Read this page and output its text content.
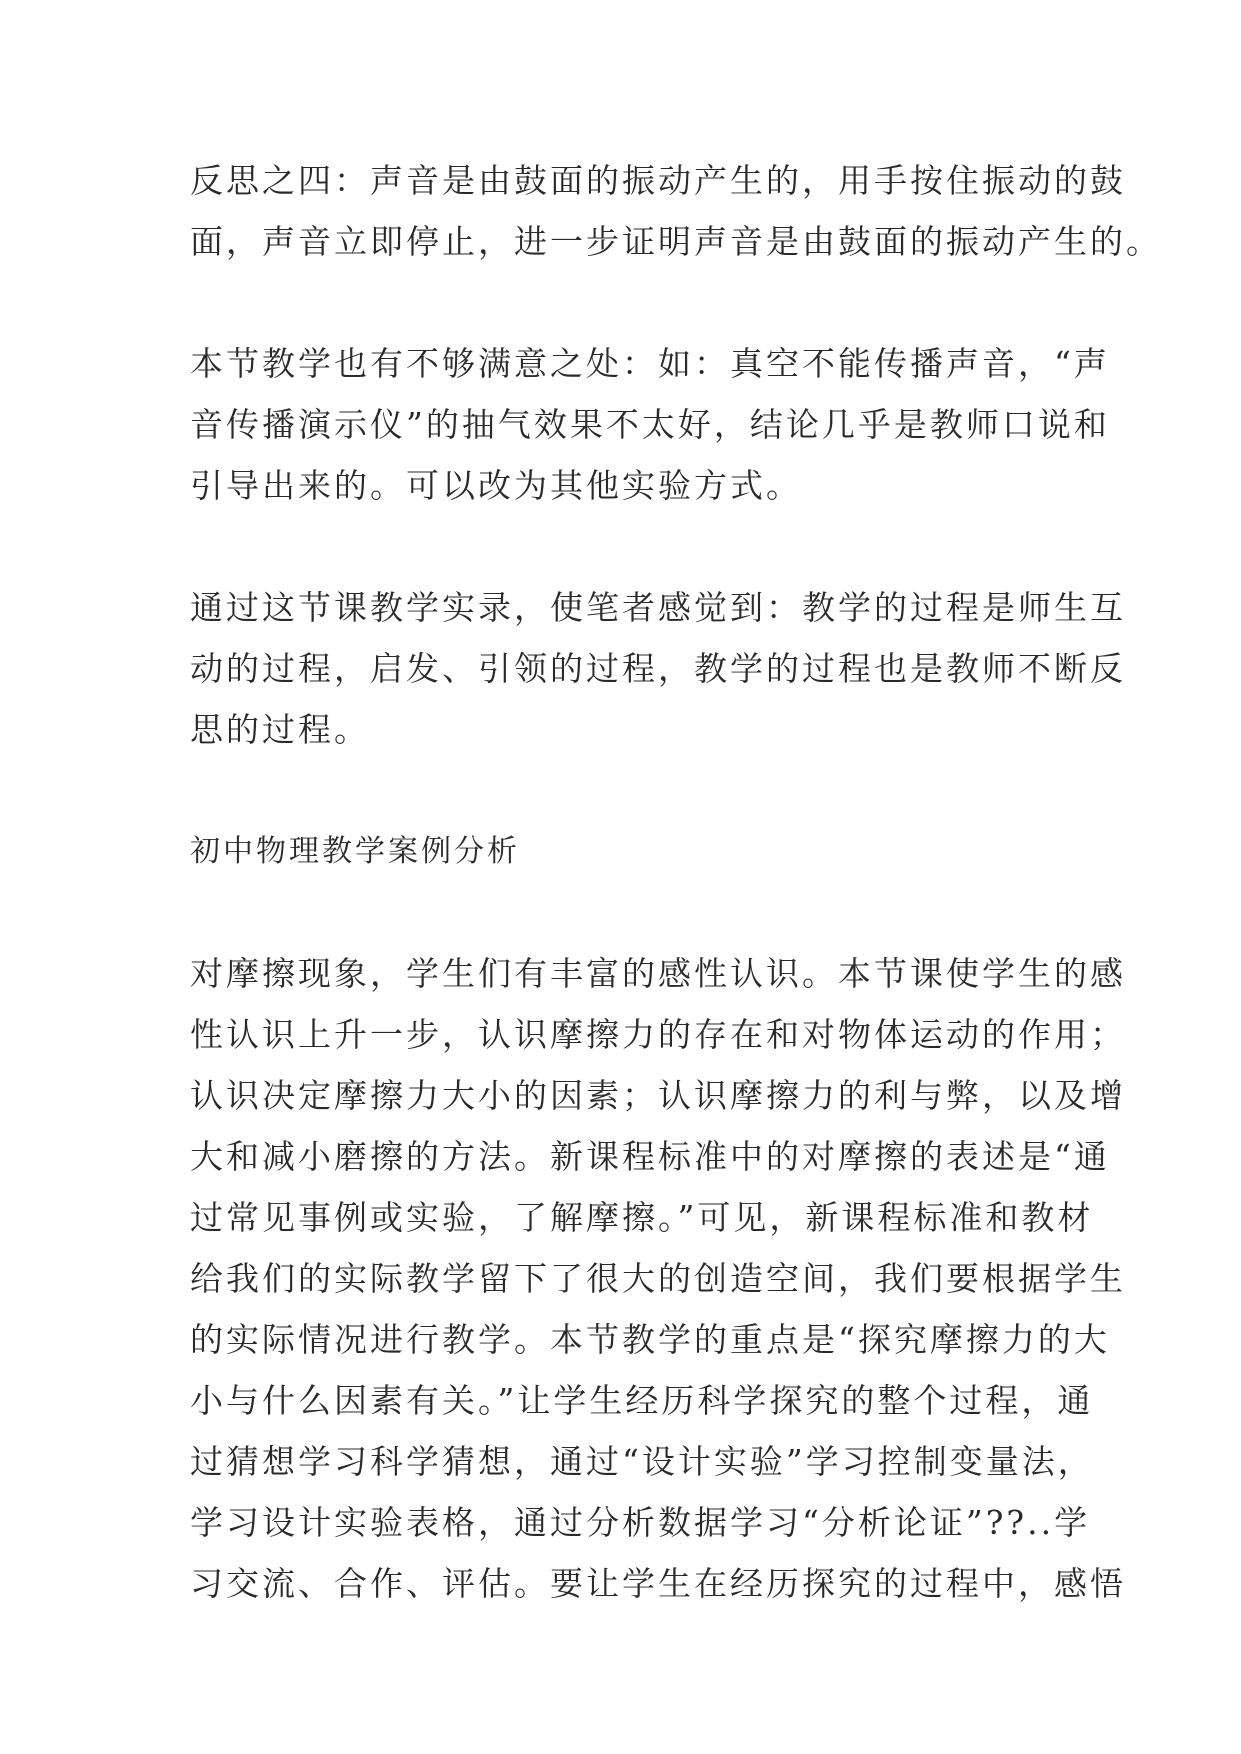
反思之四：声音是由鼓面的振动产生的，用手按住振动的鼓
面，声音立即停止，进一步证明声音是由鼓面的振动产生的。
本节教学也有不够满意之处：如：真空不能传播声音，“声
音传播演示仪”的抽气效果不太好，结论几乎是教师口说和
引导出来的。可以改为其他实验方式。
通过这节课教学实录，使笔者感觉到：教学的过程是师生互
动的过程，启发、引领的过程，教学的过程也是教师不断反
思的过程。
初中物理教学案例分析
对摩擦现象，学生们有丰富的感性认识。本节课使学生的感
性认识上升一步，认识摩擦力的存在和对物体运动的作用；
认识决定摩擦力大小的因素；认识摩擦力的利与弊，以及增
大和减小磨擦的方法。新课程标准中的对摩擦的表述是“通
过常见事例或实验，了解摩擦。”可见，新课程标准和教材
给我们的实际教学留下了很大的创造空间，我们要根据学生
的实际情况进行教学。本节教学的重点是“探究摩擦力的大
小与什么因素有关。”让学生经历科学探究的整个过程，通
过猜想学习科学猜想，通过“设计实验”学习控制变量法，
学习设计实验表格，通过分析数据学习“分析论证”??..学
习交流、合作、评估。要让学生在经历探究的过程中，感悟
